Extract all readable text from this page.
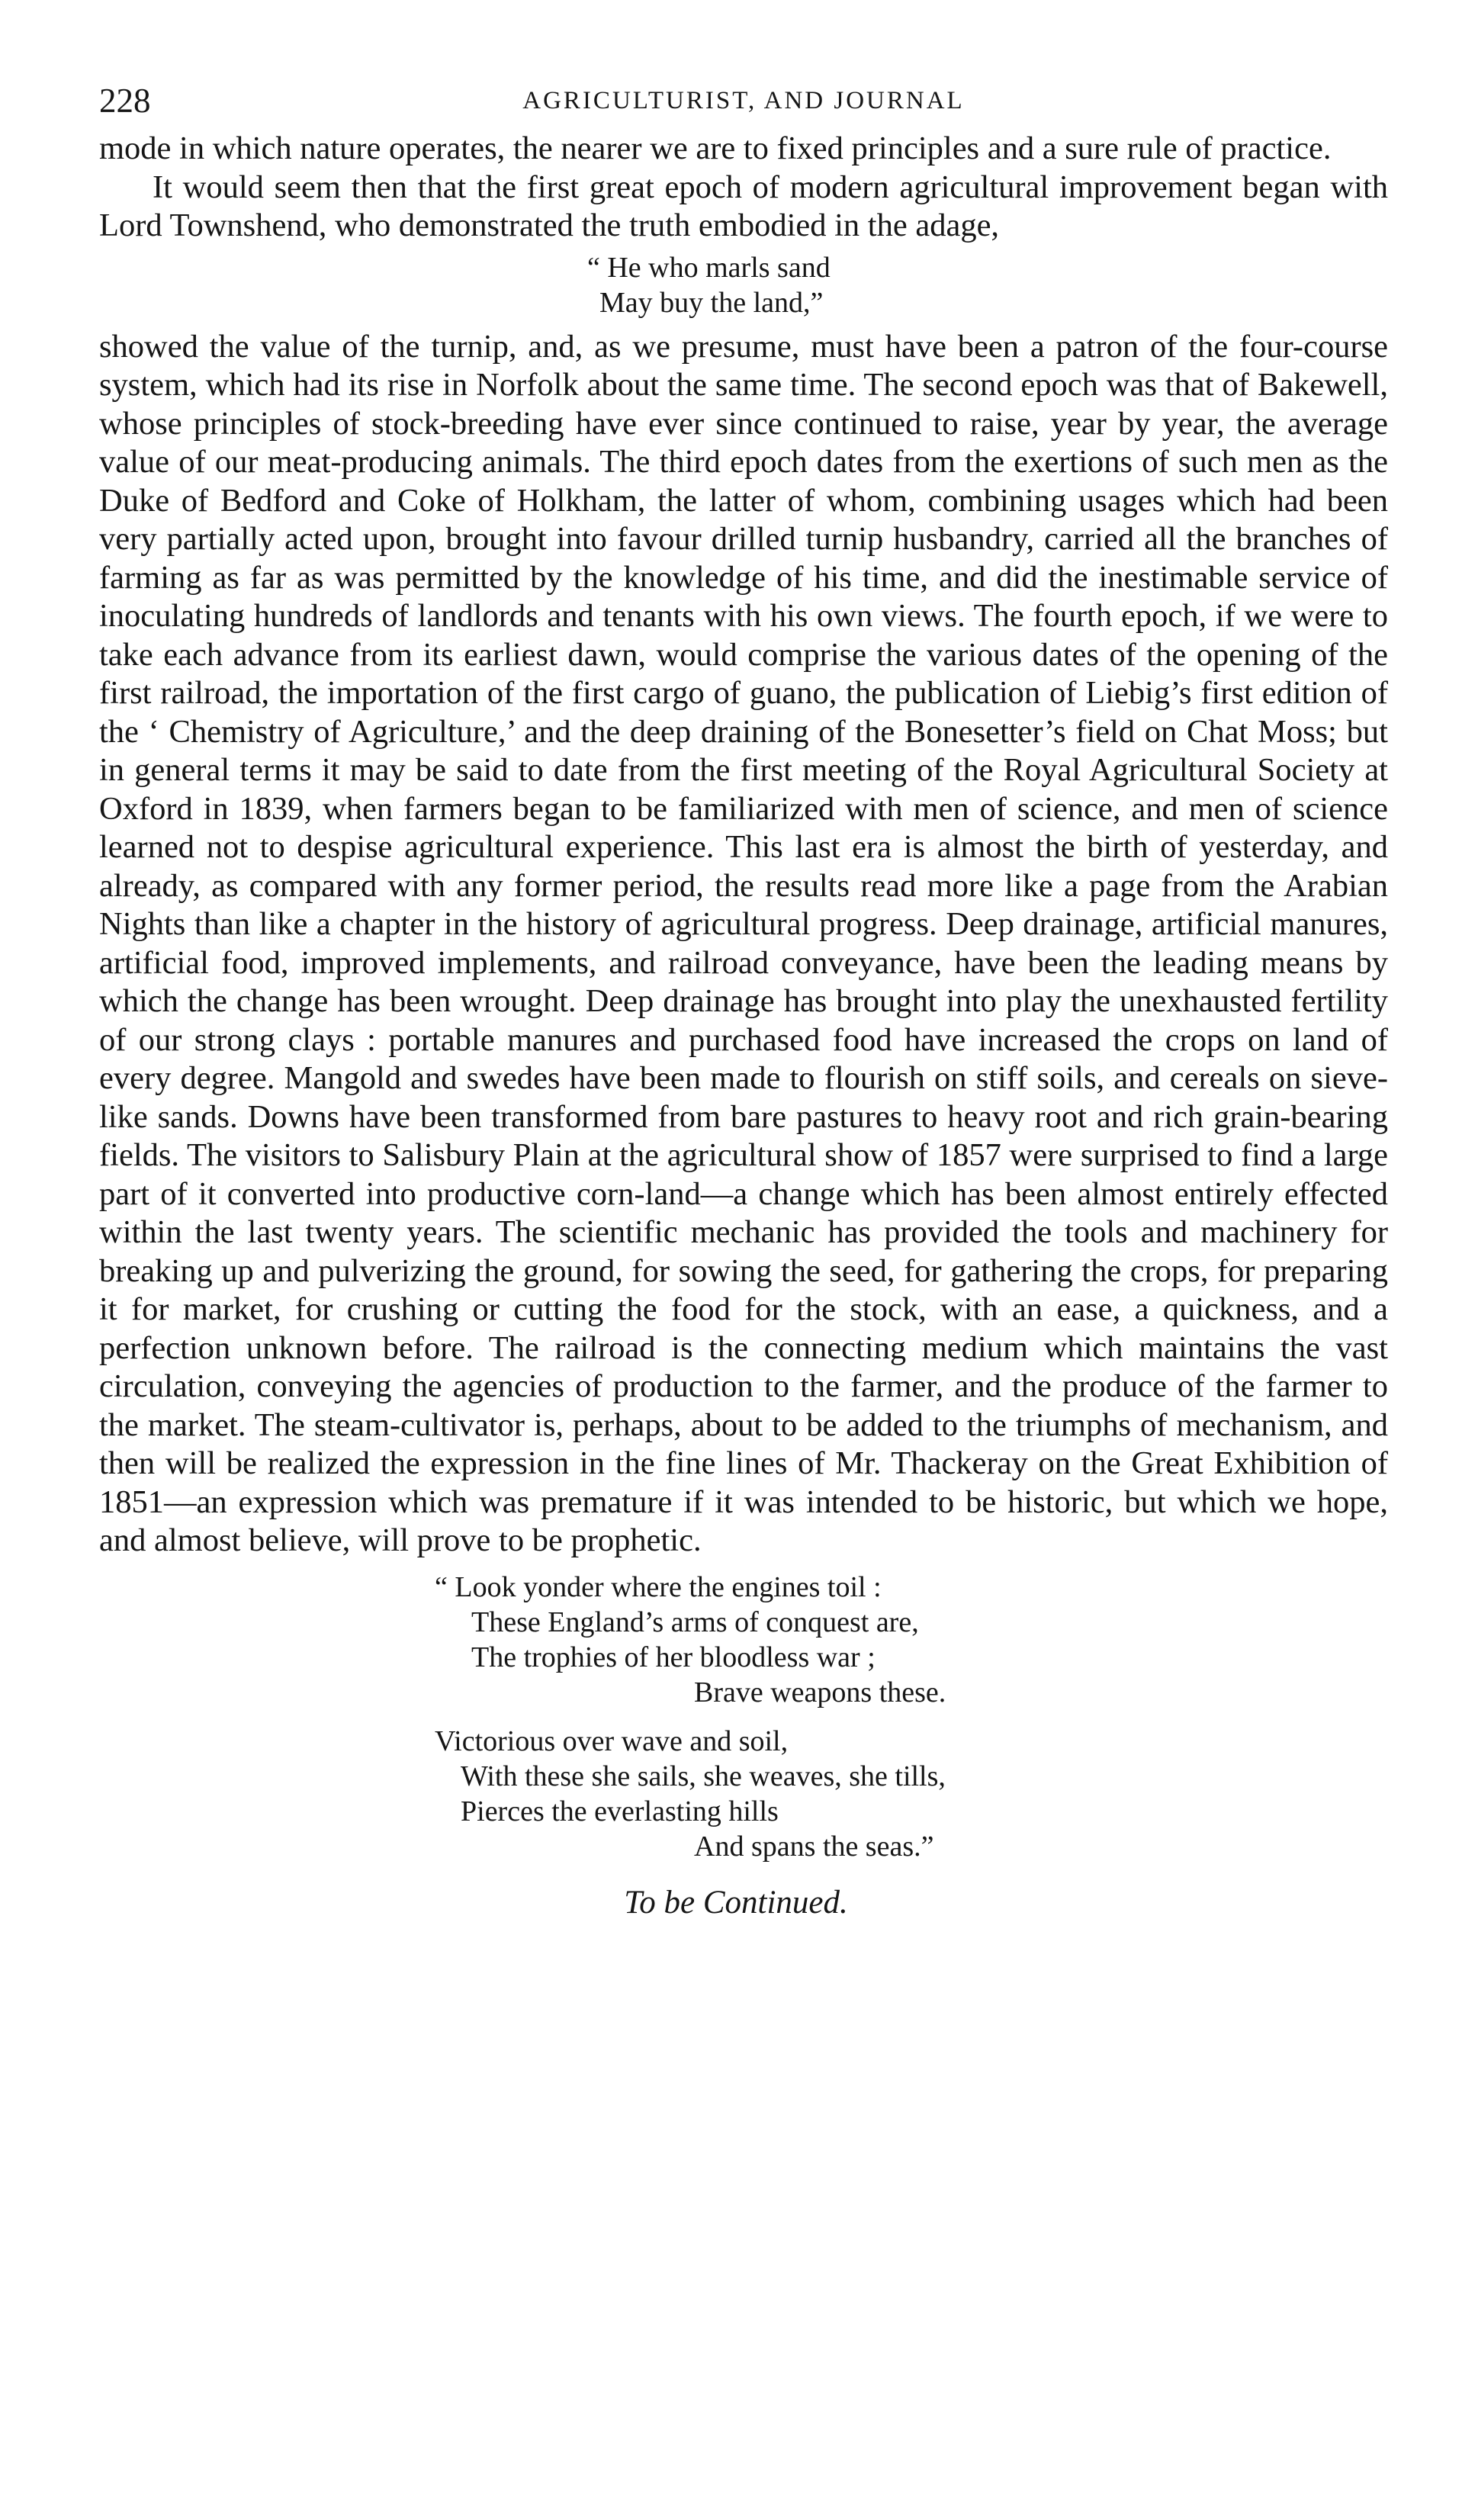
228	AGRICULTURIST, AND JOURNAL

mode in which nature operates, the nearer we are to fixed principles and a sure rule of practice.

It would seem then that the first great epoch of modern agricultural improvement began with Lord Townshend, who demonstrated the truth embodied in the adage,

“ He who marls sand
May buy the land,”

showed the value of the turnip, and, as we presume, must have been a patron of the four-course system, which had its rise in Norfolk about the same time. The second epoch was that of Bakewell, whose principles of stock-breeding have ever since continued to raise, year by year, the average value of our meat-producing animals. The third epoch dates from the exertions of such men as the Duke of Bedford and Coke of Holkham, the latter of whom, combining usages which had been very partially acted upon, brought into favour drilled turnip husbandry, carried all the branches of farming as far as was permitted by the knowledge of his time, and did the inestimable service of inoculating hundreds of landlords and tenants with his own views. The fourth epoch, if we were to take each advance from its earliest dawn, would comprise the various dates of the opening of the first railroad, the importation of the first cargo of guano, the publication of Liebig’s first edition of the ‘ Chemistry of Agriculture,’ and the deep draining of the Bonesetter’s field on Chat Moss; but in general terms it may be said to date from the first meeting of the Royal Agricultural Society at Oxford in 1839, when farmers began to be familiarized with men of science, and men of science learned not to despise agricultural experience. This last era is almost the birth of yesterday, and already, as compared with any former period, the results read more like a page from the Arabian Nights than like a chapter in the history of agricultural progress. Deep drainage, artificial manures, artificial food, improved implements, and railroad conveyance, have been the leading means by which the change has been wrought. Deep drainage has brought into play the unexhausted fertility of our strong clays : portable manures and purchased food have increased the crops on land of every degree. Mangold and swedes have been made to flourish on stiff soils, and cereals on sieve-like sands. Downs have been transformed from bare pastures to heavy root and rich grain-bearing fields. The visitors to Salisbury Plain at the agricultural show of 1857 were surprised to find a large part of it converted into productive corn-land—a change which has been almost entirely effected within the last twenty years. The scientific mechanic has provided the tools and machinery for breaking up and pulverizing the ground, for sowing the seed, for gathering the crops, for preparing it for market, for crushing or cutting the food for the stock, with an ease, a quickness, and a perfection unknown before. The railroad is the connecting medium which maintains the vast circulation, conveying the agencies of production to the farmer, and the produce of the farmer to the market. The steam-cultivator is, perhaps, about to be added to the triumphs of mechanism, and then will be realized the expression in the fine lines of Mr. Thackeray on the Great Exhibition of 1851—an expression which was premature if it was intended to be historic, but which we hope, and almost believe, will prove to be prophetic.

“ Look yonder where the engines toil :
These England’s arms of conquest are,
The trophies of her bloodless war ;
Brave weapons these.
Victorious over wave and soil,
With these she sails, she weaves, she tills,
Pierces the everlasting hills
And spans the seas.”
To be Continued.
